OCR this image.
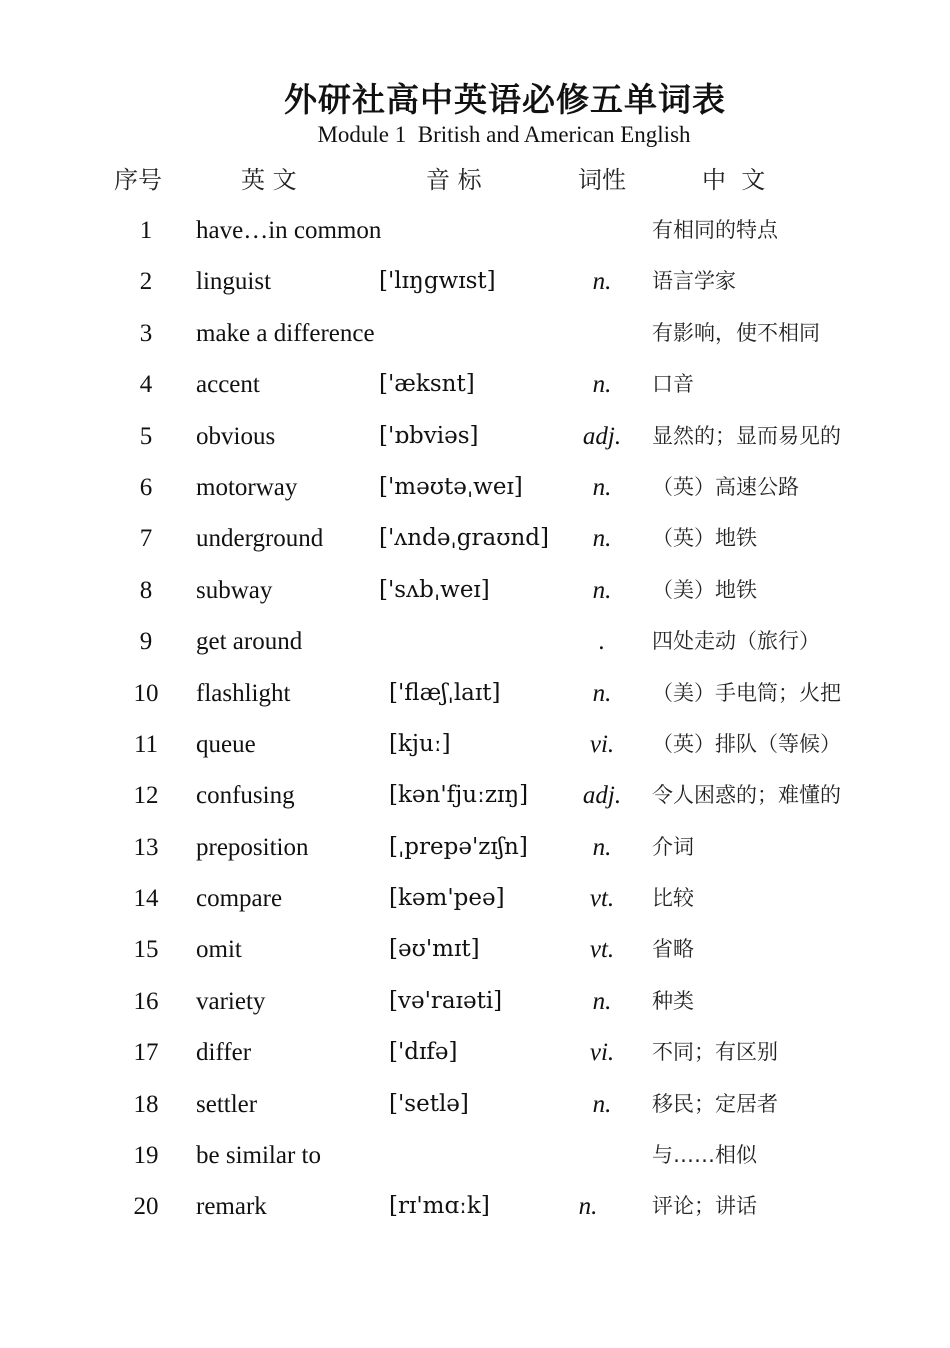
外研社高中英语必修五单词表
Module 1  British and American English
序号	英 文	音 标	词性	中  文
1	have…in common	有相同的特点
2	linguist	['lɪŋgwɪst]	n.	语言学家
3	make a difference	有影响，使不相同
4	accent	['æksnt]	n.	口音
5	obvious	['ɒbviəs]	adj.	显然的；显而易见的
6	motorway	['məʊtəˌweɪ]	n.	（英）高速公路
7	underground ['ʌndəˌgraʊnd]	n.	（英）地铁
8	subway	['sʌbˌweɪ]	n.	（美）地铁
9	get around	.	四处走动（旅行）
10	flashlight	['flæʃˌlaɪt]	n.	（美）手电筒；火把
11	queue	[kjuː]	vi.	（英）排队（等候）
12	confusing	[kən'fjuːzɪŋ]	adj.	令人困惑的；难懂的
13	preposition	[ˌprepə'zɪʃn]	n.	介词
14	compare	[kəm'peə]	vt.	比较
15	omit	[əʊ'mɪt]	vt.	省略
16	variety	[və'raɪəti]	n.	种类
17	differ	['dɪfə]	vi.	不同；有区别
18	settler	['setlə]	n.	移民；定居者
19	be similar to	与……相似
20	remark	[rɪ'mɑːk]	n.	评论；讲话
